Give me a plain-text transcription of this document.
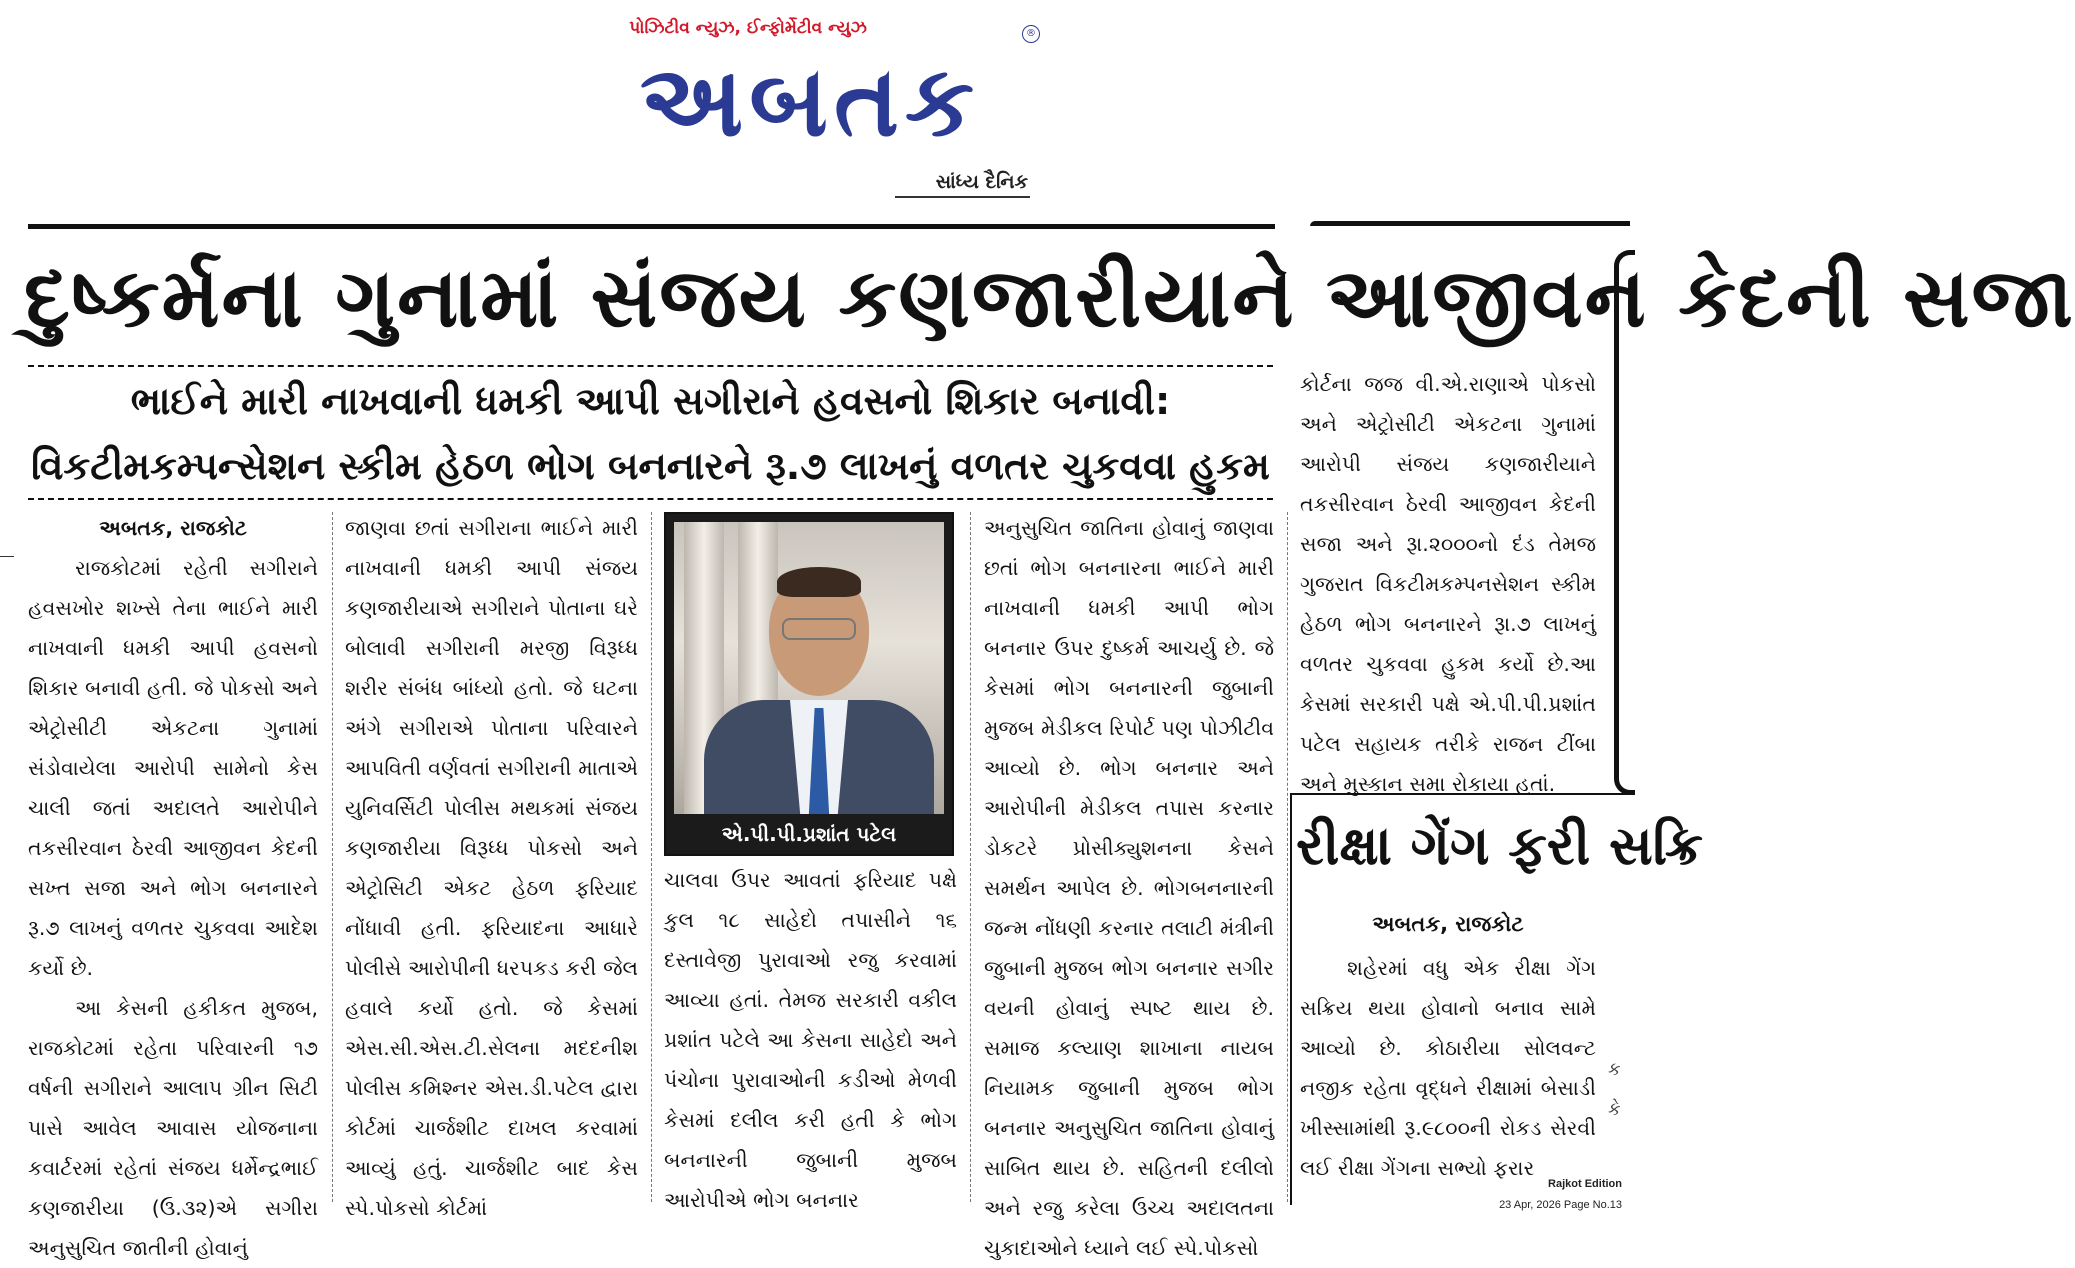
પોઝિટીવ ન્યુઝ, ઈન્ફોર્મેટીવ ન્યુઝ
અબતક
®
સાંધ્ય દૈનિક
દુષ્કર્મના ગુનામાં સંજય કણજારીયાને આજીવન કેદની સજા
ભાઈને મારી નાખવાની ધમકી આપી સગીરાને હવસનો શિકાર બનાવી:
વિકટીમકમ્પન્સેશન સ્કીમ હેઠળ ભોગ બનનારને રૂ.૭ લાખનું વળતર ચુકવવા હુકમ
અબતક, રાજકોટ

રાજકોટમાં રહેતી સગીરાને હવસખોર શખ્સે તેના ભાઈને મારી નાખવાની ધમકી આપી હવસનો શિકાર બનાવી હતી. જે પોકસો અને એટ્રોસીટી એકટના ગુનામાં સંડોવાયેલા આરોપી સામેનો કેસ ચાલી જતાં અદાલતે આરોપીને તકસીરવાન ઠેરવી આજીવન કેદની સખ્ત સજા અને ભોગ બનનારને રૂ.૭ લાખનું વળતર ચુકવવા આદેશ કર્યો છે.

આ કેસની હકીકત મુજબ, રાજકોટમાં રહેતા પરિવારની ૧૭ વર્ષની સગીરાને આલાપ ગ્રીન સિટી પાસે આવેલ આવાસ યોજનાના કવાર્ટરમાં રહેતાં સંજય ધર્મેન્દ્રભાઈ કણજારીયા (ઉ.૩૨)એ સગીરા અનુસુચિત જાતીની હોવાનું

જાણવા છતાં સગીરાના ભાઈને મારી નાખવાની ધમકી આપી સંજય કણજારીયાએ સગીરાને પોતાના ઘરે બોલાવી સગીરાની મરજી વિરૂધ્ધ શરીર સંબંધ બાંધ્યો હતો. જે ઘટના અંગે સગીરાએ પોતાના પરિવારને આપવિતી વર્ણવતાં સગીરાની માતાએ યુનિવર્સિટી પોલીસ મથકમાં સંજય કણજારીયા વિરૂધ્ધ પોકસો અને એટ્રોસિટી એકટ હેઠળ ફરિયાદ નોંધાવી હતી. ફરિયાદના આધારે પોલીસે આરોપીની ધરપકડ કરી જેલ હવાલે કર્યો હતો. જે કેસમાં એસ.સી.એસ.ટી.સેલના મદદનીશ પોલીસ કમિશ્નર એસ.ડી.પટેલ દ્વારા કોર્ટમાં ચાર્જશીટ દાખલ કરવામાં આવ્યું હતું. ચાર્જશીટ બાદ કેસ સ્પે.પોકસો કોર્ટમાં

એ.પી.પી.પ્રશાંત પટેલ

ચાલવા ઉપર આવતાં ફરિયાદ પક્ષે કુલ ૧૮ સાહેદો તપાસીને ૧૬ દસ્તાવેજી પુરાવાઓ રજુ કરવામાં આવ્યા હતાં. તેમજ સરકારી વકીલ પ્રશાંત પટેલે આ કેસના સાહેદો અને પંચોના પુરાવાઓની કડીઓ મેળવી કેસમાં દલીલ કરી હતી કે ભોગ બનનારની જુબાની મુજબ આરોપીએ ભોગ બનનાર

અનુસુચિત જાતિના હોવાનું જાણવા છતાં ભોગ બનનારના ભાઈને મારી નાખવાની ધમકી આપી ભોગ બનનાર ઉપર દુષ્કર્મ આચર્યુ છે. જે કેસમાં ભોગ બનનારની જુબાની મુજબ મેડીકલ રિપોર્ટ પણ પોઝીટીવ આવ્યો છે. ભોગ બનનાર અને આરોપીની મેડીકલ તપાસ કરનાર ડોકટરે પ્રોસીક્યુશનના કેસને સમર્થન આપેલ છે. ભોગબનનારની જન્મ નોંધણી કરનાર તલાટી મંત્રીની જુબાની મુજબ ભોગ બનનાર સગીર વયની હોવાનું સ્પષ્ટ થાય છે. સમાજ કલ્યાણ શાખાના નાયબ નિયામક જુબાની મુજબ ભોગ બનનાર અનુસુચિત જાતિના હોવાનું સાબિત થાય છે. સહિતની દલીલો અને રજુ કરેલા ઉચ્ચ અદાલતના ચુકાદાઓને ધ્યાને લઈ સ્પે.પોકસો

કોર્ટના જજ વી.એ.રાણાએ પોકસો અને એટ્રોસીટી એકટના ગુનામાં આરોપી સંજય કણજારીયાને તકસીરવાન ઠેરવી આજીવન કેદની સજા અને રૂા.૨૦૦૦નો દંડ તેમજ ગુજરાત વિકટીમકમ્પનસેશન સ્કીમ હેઠળ ભોગ બનનારને રૂા.૭ લાખનું વળતર ચુકવવા હુકમ કર્યો છે.આ કેસમાં સરકારી પક્ષે એ.પી.પી.પ્રશાંત પટેલ સહાયક તરીકે રાજન ટીંબા અને મુસ્કાન સમા રોકાયા હતાં.

રીક્ષા ગેંગ ફરી સક્રિ
અબતક, રાજકોટ

શહેરમાં વધુ એક રીક્ષા ગેંગ સક્રિય થયા હોવાનો બનાવ સામે આવ્યો છે. કોઠારીયા સોલવન્ટ નજીક રહેતા વૃદ્ધને રીક્ષામાં બેસાડી ખીસ્સામાંથી રૂ.૯૮૦૦ની રોકડ સેરવી લઈ રીક્ષા ગેંગના સભ્યો ફરાર

ક કે
Rajkot Edition
23 Apr, 2026 Page No.13
